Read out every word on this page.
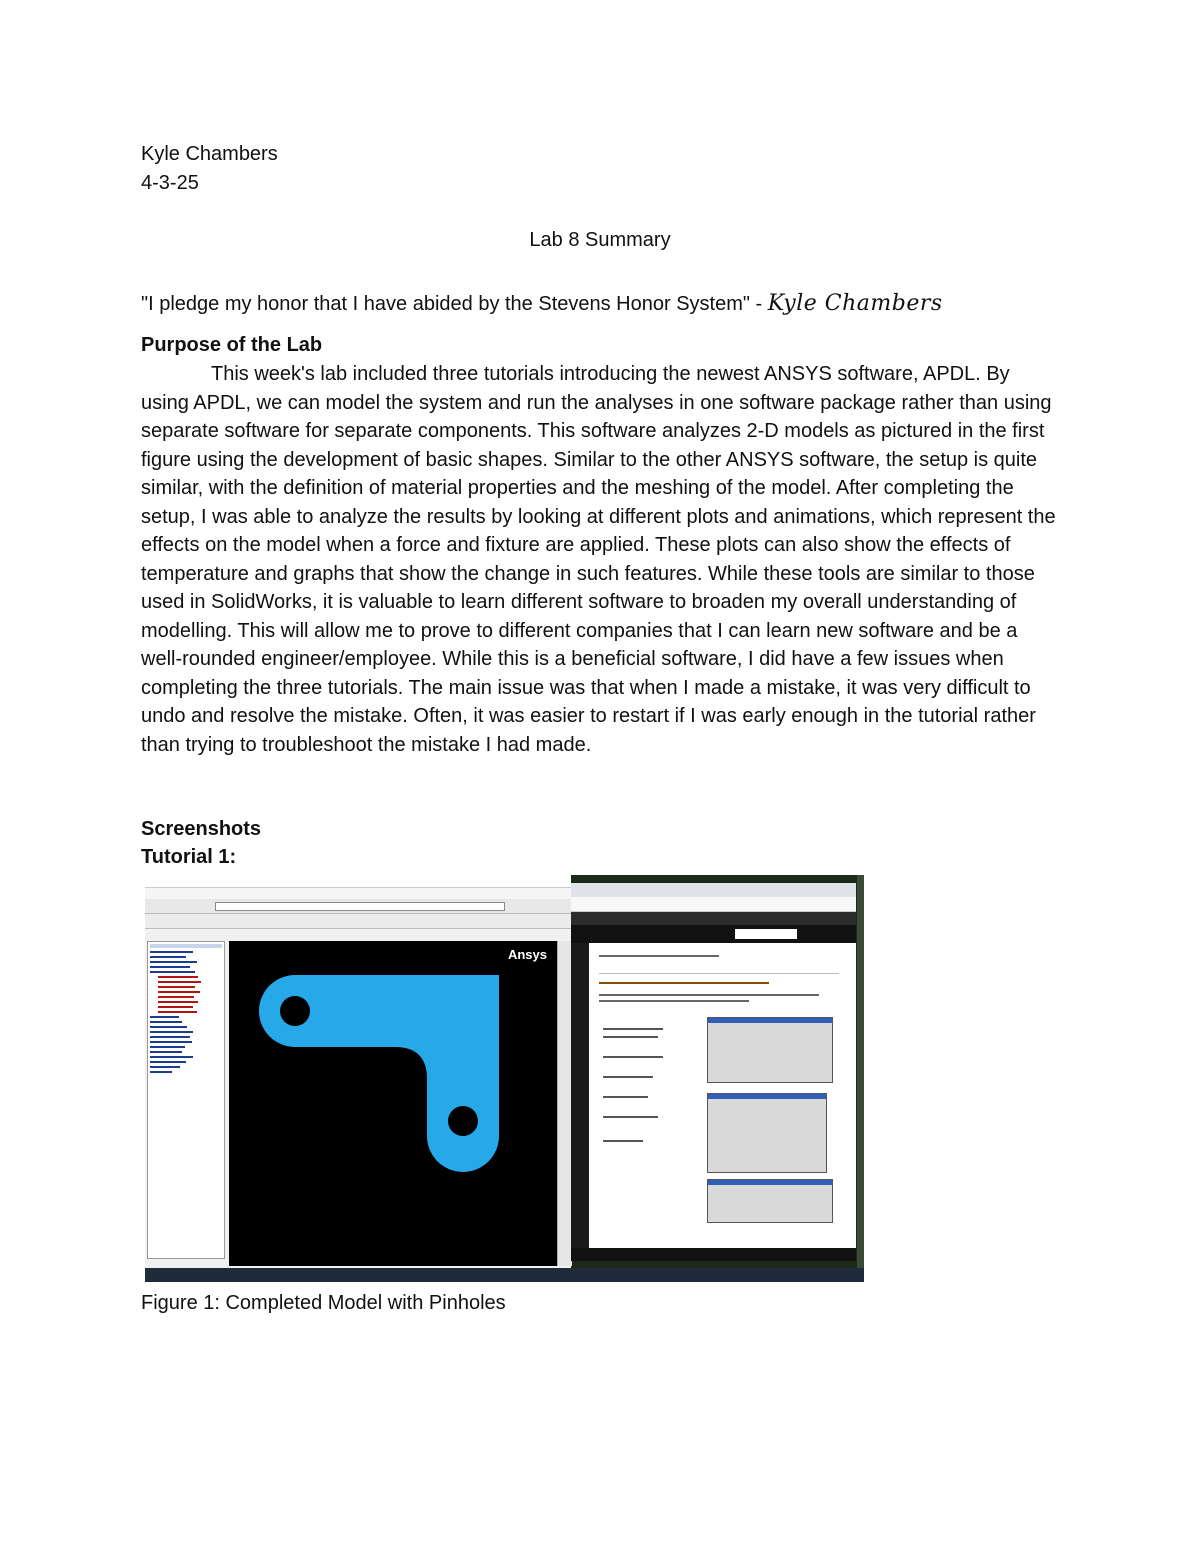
Kyle Chambers
4-3-25
Lab 8 Summary
"I pledge my honor that I have abided by the Stevens Honor System" - Kyle Chambers
Purpose of the Lab

This week's lab included three tutorials introducing the newest ANSYS software, APDL. By using APDL, we can model the system and run the analyses in one software package rather than using separate software for separate components. This software analyzes 2-D models as pictured in the first figure using the development of basic shapes. Similar to the other ANSYS software, the setup is quite similar, with the definition of material properties and the meshing of the model. After completing the setup, I was able to analyze the results by looking at different plots and animations, which represent the effects on the model when a force and fixture are applied. These plots can also show the effects of temperature and graphs that show the change in such features. While these tools are similar to those used in SolidWorks, it is valuable to learn different software to broaden my overall understanding of modelling. This will allow me to prove to different companies that I can learn new software and be a well-rounded engineer/employee. While this is a beneficial software, I did have a few issues when completing the three tutorials. The main issue was that when I made a mistake, it was very difficult to undo and resolve the mistake. Often, it was easier to restart if I was early enough in the tutorial rather than trying to troubleshoot the mistake I had made.

Screenshots
Tutorial 1:
Ansys
Figure 1: Completed Model with Pinholes
